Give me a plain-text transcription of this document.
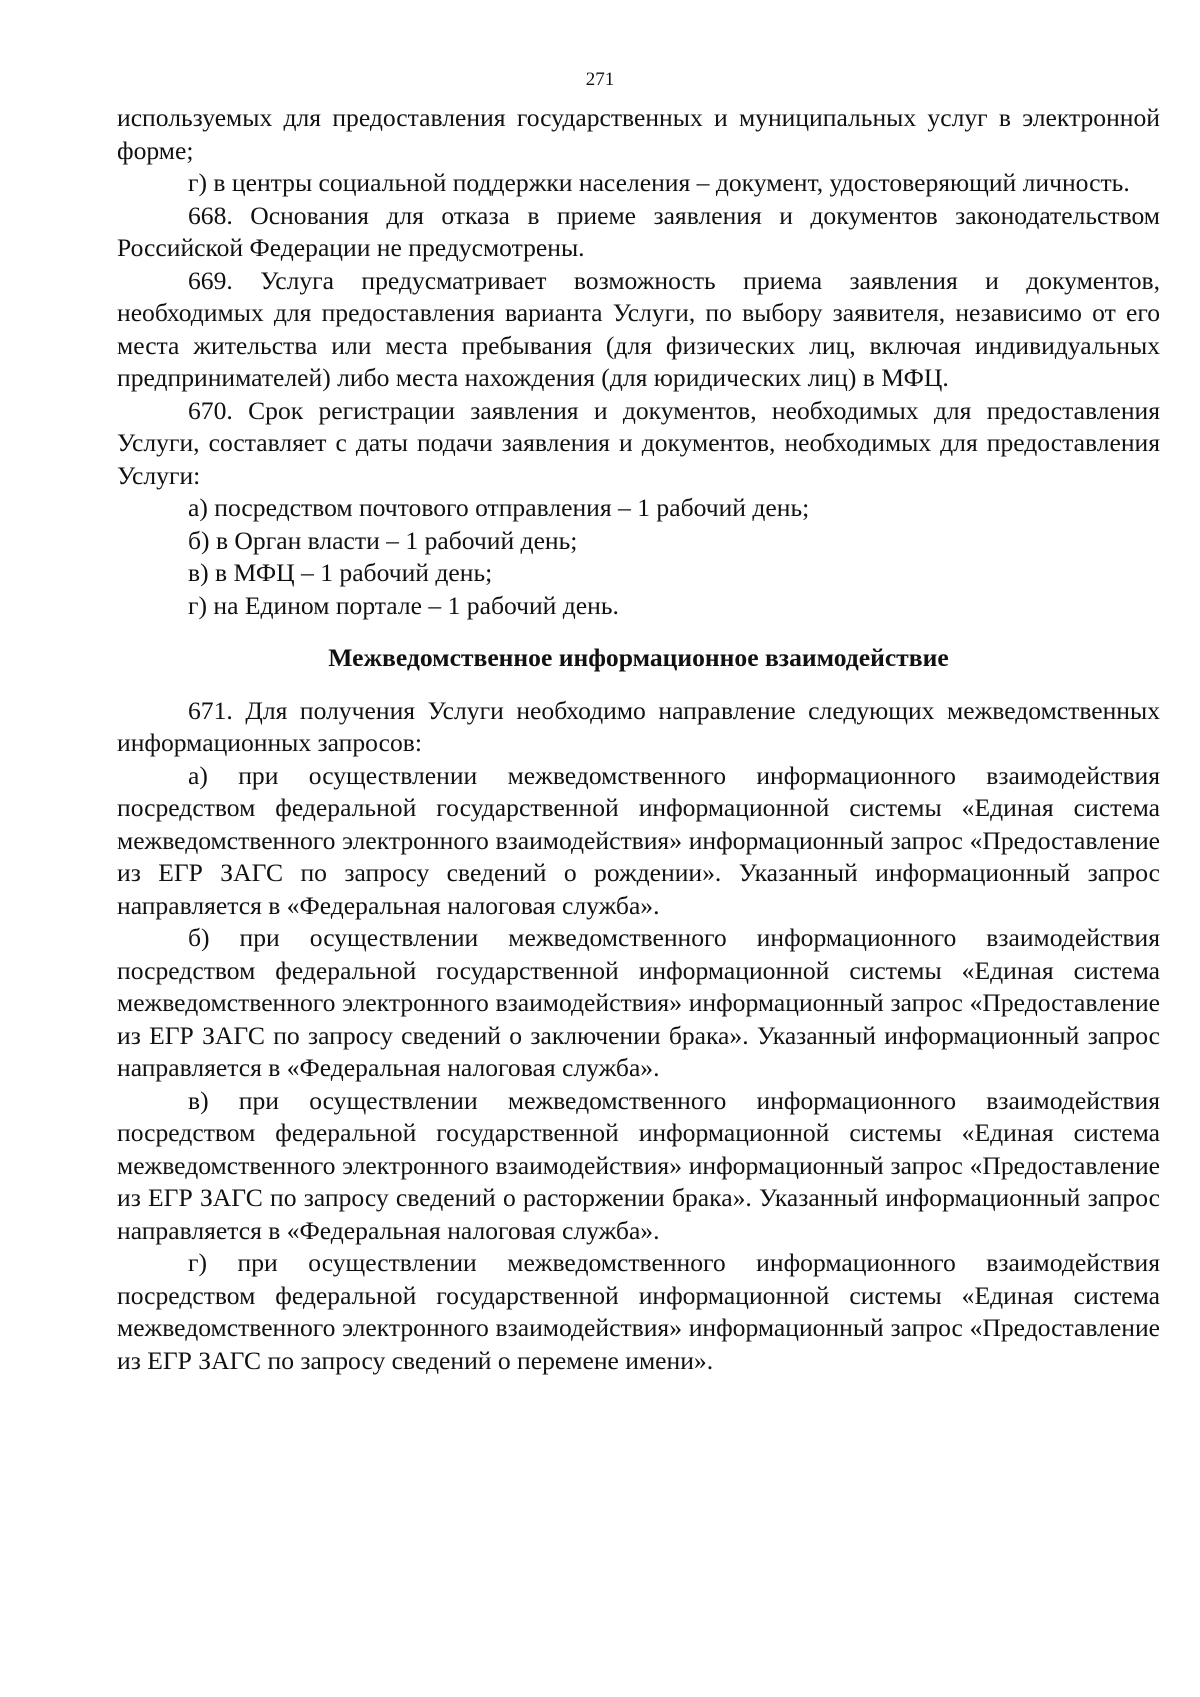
271

используемых для предоставления государственных и муниципальных услуг в электронной форме;

г) в центры социальной поддержки населения – документ, удостоверяющий личность.

668. Основания для отказа в приеме заявления и документов законодательством Российской Федерации не предусмотрены.

669. Услуга предусматривает возможность приема заявления и документов, необходимых для предоставления варианта Услуги, по выбору заявителя, независимо от его места жительства или места пребывания (для физических лиц, включая индивидуальных предпринимателей) либо места нахождения (для юридических лиц) в МФЦ.

670. Срок регистрации заявления и документов, необходимых для предоставления Услуги, составляет с даты подачи заявления и документов, необходимых для предоставления Услуги:

а) посредством почтового отправления – 1 рабочий день;

б) в Орган власти – 1 рабочий день;

в) в МФЦ – 1 рабочий день;

г) на Едином портале – 1 рабочий день.

Межведомственное информационное взаимодействие

671. Для получения Услуги необходимо направление следующих межведомственных информационных запросов:

а) при осуществлении межведомственного информационного взаимодействия посредством федеральной государственной информационной системы «Единая система межведомственного электронного взаимодействия» информационный запрос «Предоставление из ЕГР ЗАГС по запросу сведений о рождении». Указанный информационный запрос направляется в «Федеральная налоговая служба».

б) при осуществлении межведомственного информационного взаимодействия посредством федеральной государственной информационной системы «Единая система межведомственного электронного взаимодействия» информационный запрос «Предоставление из ЕГР ЗАГС по запросу сведений о заключении брака». Указанный информационный запрос направляется в «Федеральная налоговая служба».

в) при осуществлении межведомственного информационного взаимодействия посредством федеральной государственной информационной системы «Единая система межведомственного электронного взаимодействия» информационный запрос «Предоставление из ЕГР ЗАГС по запросу сведений о расторжении брака». Указанный информационный запрос направляется в «Федеральная налоговая служба».

г) при осуществлении межведомственного информационного взаимодействия посредством федеральной государственной информационной системы «Единая система межведомственного электронного взаимодействия» информационный запрос «Предоставление из ЕГР ЗАГС по запросу сведений о перемене имени».
